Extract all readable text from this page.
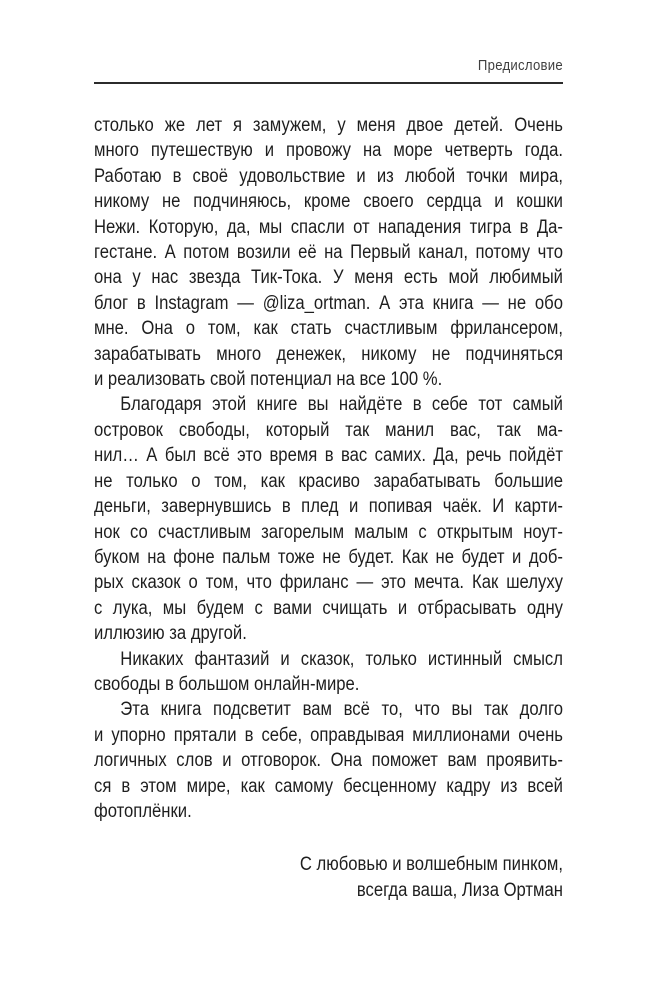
Предисловие
столько же лет я замужем, у меня двое детей. Очень
много путешествую и провожу на море четверть года.
Работаю в своё удовольствие и из любой точки мира,
никому не подчиняюсь, кроме своего сердца и кошки
Нежи. Которую, да, мы спасли от нападения тигра в Да-
гестане. А потом возили её на Первый канал, потому что
она у нас звезда Тик-Тока. У меня есть мой любимый
блог в Instagram — @liza_ortman. А эта книга — не обо
мне. Она о том, как стать счастливым фрилансером,
зарабатывать много денежек, никому не подчиняться
и реализовать свой потенциал на все 100 %.
Благодаря этой книге вы найдёте в себе тот самый
островок свободы, который так манил вас, так ма-
нил… А был всё это время в вас самих. Да, речь пойдёт
не только о том, как красиво зарабатывать большие
деньги, завернувшись в плед и попивая чаёк. И карти-
нок со счастливым загорелым малым с открытым ноут-
буком на фоне пальм тоже не будет. Как не будет и доб-
рых сказок о том, что фриланс — это мечта. Как шелуху
с лука, мы будем с вами счищать и отбрасывать одну
иллюзию за другой.
Никаких фантазий и сказок, только истинный смысл
свободы в большом онлайн-мире.
Эта книга подсветит вам всё то, что вы так долго
и упорно прятали в себе, оправдывая миллионами очень
логичных слов и отговорок. Она поможет вам проявить-
ся в этом мире, как самому бесценному кадру из всей
фотоплёнки.
С любовью и волшебным пинком,
всегда ваша, Лиза Ортман
